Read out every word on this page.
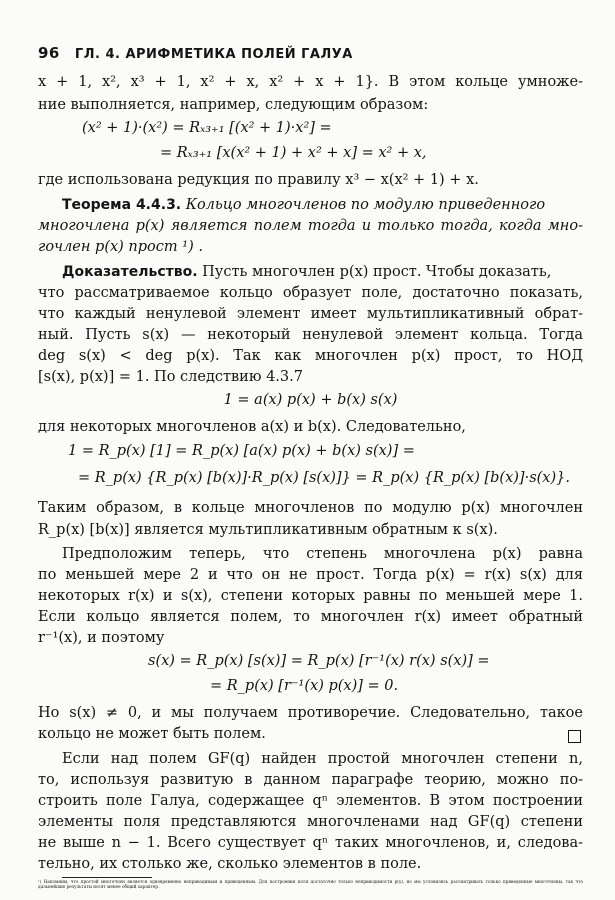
96 ГЛ. 4. АРИФМЕТИКА ПОЛЕЙ ГАЛУА
x + 1, x², x³ + 1, x² + x, x² + x + 1}. В этом кольце умноже-
ние выполняется, например, следующим образом:
(x² + 1)·(x²) = Rₓ₃₊₁ [(x² + 1)·x²] =
= Rₓ₃₊₁ [x(x² + 1) + x² + x] = x² + x,
где использована редукция по правилу x³ − x(x² + 1) + x.
Теорема 4.4.3. Кольцо многочленов по модулю приведенного
многочлена p(x) является полем тогда и только тогда, когда мно-
гочлен p(x) прост ¹) .
Доказательство. Пусть многочлен p(x) прост. Чтобы доказать,
что рассматриваемое кольцо образует поле, достаточно показать,
что каждый ненулевой элемент имеет мультипликативный обрат-
ный. Пусть s(x) — некоторый ненулевой элемент кольца. Тогда
deg s(x) < deg p(x). Так как многочлен p(x) прост, то НОД
[s(x), p(x)] = 1. По следствию 4.3.7
1 = a(x) p(x) + b(x) s(x)
для некоторых многочленов a(x) и b(x). Следовательно,
1 = R_p(x) [1] = R_p(x) [a(x) p(x) + b(x) s(x)] =
= R_p(x) {R_p(x) [b(x)]·R_p(x) [s(x)]} = R_p(x) {R_p(x) [b(x)]·s(x)}.
Таким образом, в кольце многочленов по модулю p(x) многочлен
R_p(x) [b(x)] является мультипликативным обратным к s(x).
Предположим теперь, что степень многочлена p(x) равна
по меньшей мере 2 и что он не прост. Тогда p(x) = r(x) s(x) для
некоторых r(x) и s(x), степени которых равны по меньшей мере 1.
Если кольцо является полем, то многочлен r(x) имеет обратный
r⁻¹(x), и поэтому
s(x) = R_p(x) [s(x)] = R_p(x) [r⁻¹(x) r(x) s(x)] =
= R_p(x) [r⁻¹(x) p(x)] = 0.
Но s(x) ≠ 0, и мы получаем противоречие. Следовательно, такое
кольцо не может быть полем.
Если над полем GF(q) найден простой многочлен степени n,
то, используя развитую в данном параграфе теорию, можно по-
строить поле Галуа, содержащее qⁿ элементов. В этом построении
элементы поля представляются многочленами над GF(q) степени
не выше n − 1. Всего существует qⁿ таких многочленов, и, следова-
тельно, их столько же, сколько элементов в поле.
¹) Напомним, что простой многочлен является одновременно неприводимым и приведенным. Для построения поля достаточно только неприводимости p(x), но мы условились рассматривать только приведенные многочлены, так что дальнейшие результаты носят менее общий характер.
